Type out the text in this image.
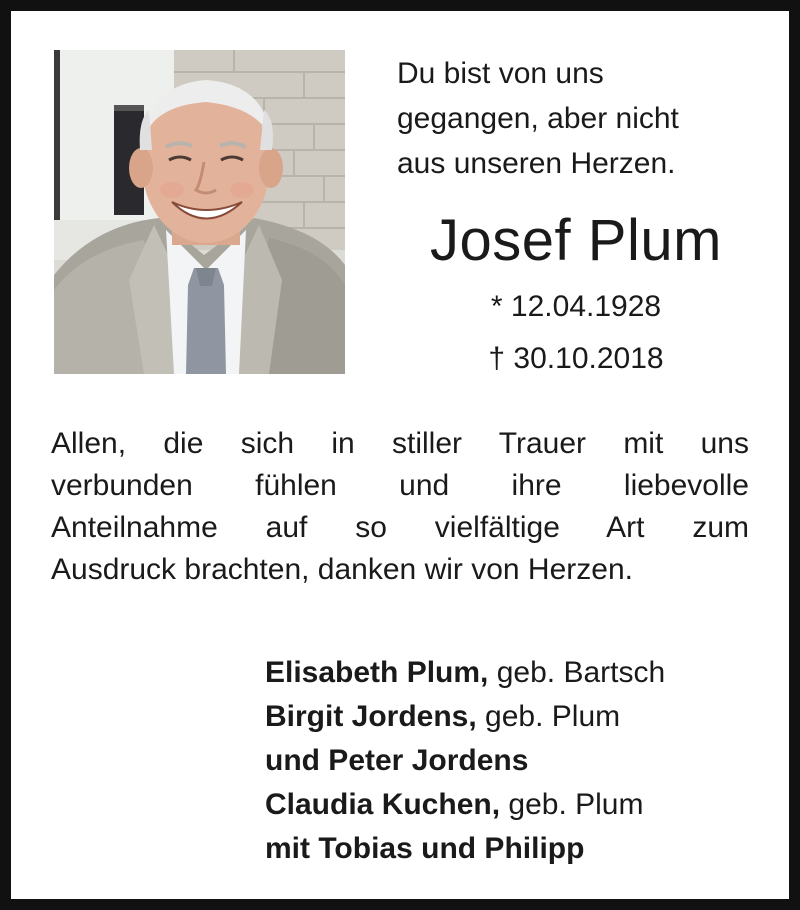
Du bist von uns
gegangen, aber nicht
aus unseren Herzen.
Josef Plum
* 12.04.1928
† 30.10.2018
Allen, die sich in stiller Trauer mit uns
verbunden fühlen und ihre liebevolle
Anteilnahme auf so vielfältige Art zum
Ausdruck brachten, danken wir von Herzen.
Elisabeth Plum, geb. Bartsch
Birgit Jordens, geb. Plum
und Peter Jordens
Claudia Kuchen, geb. Plum
mit Tobias und Philipp
